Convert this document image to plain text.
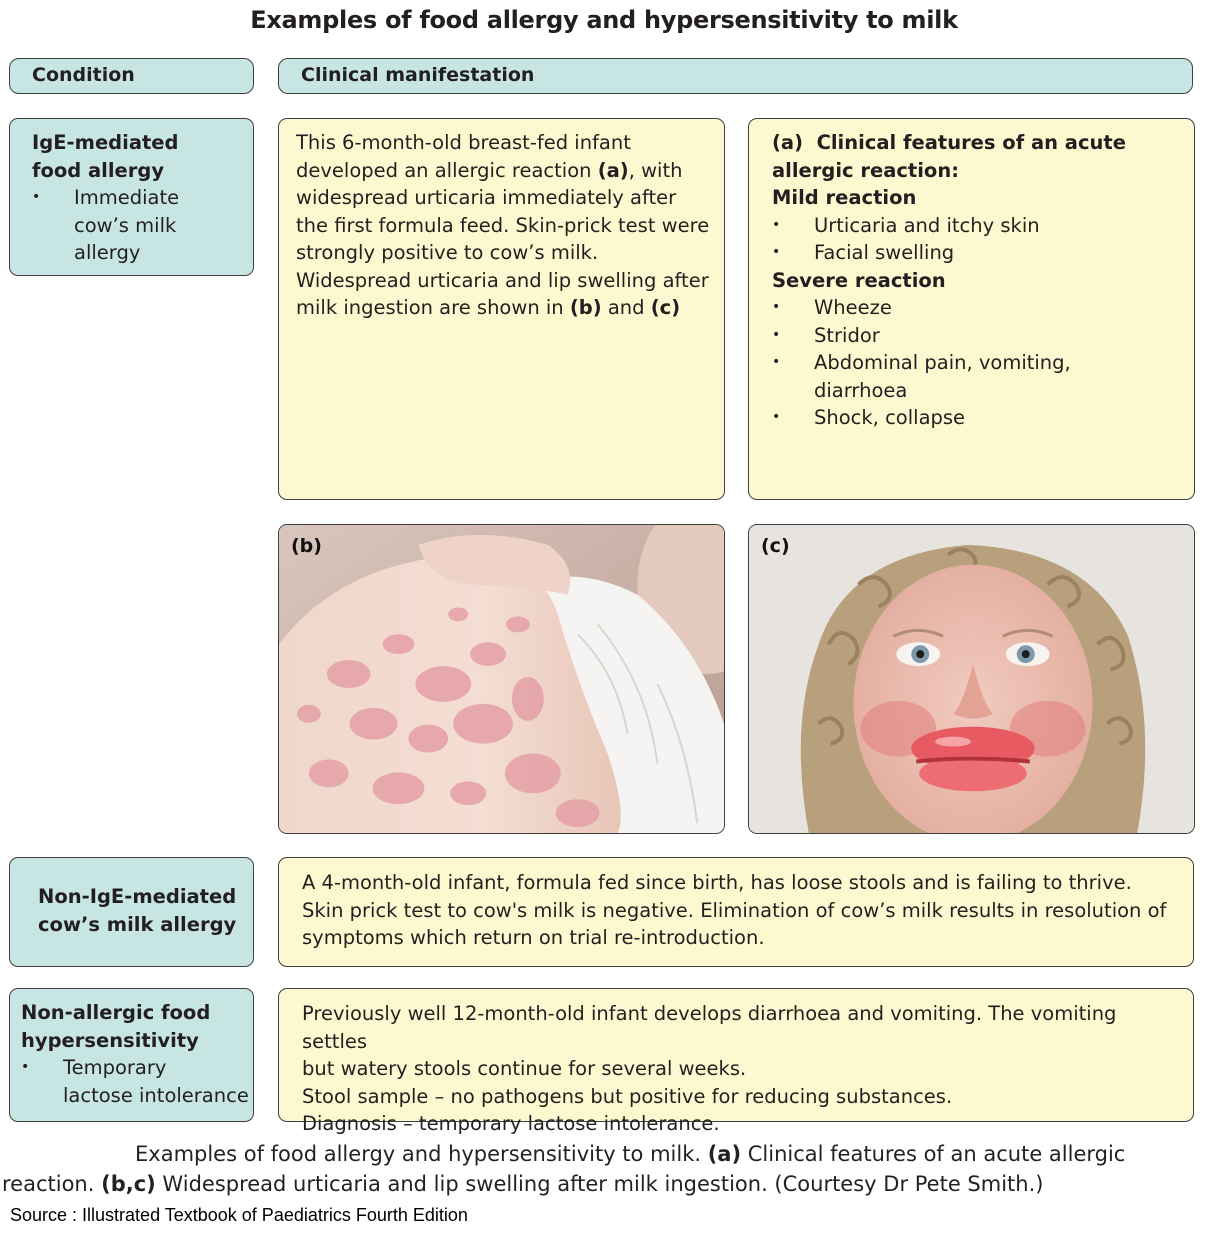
Examples of food allergy and hypersensitivity to milk
Condition	Clinical manifestation
IgE-mediated
food allergy
• Immediate
cow’s milk
allergy

This 6-month-old breast-fed infant developed an allergic reaction (a), with widespread urticaria immediately after the first formula feed. Skin-prick test were strongly positive to cow’s milk. Widespread urticaria and lip swelling after milk ingestion are shown in (b) and (c)

(a) Clinical features of an acute allergic reaction:
Mild reaction
• Urticaria and itchy skin
• Facial swelling
Severe reaction
• Wheeze
• Stridor
• Abdominal pain, vomiting, diarrhoea
• Shock, collapse
(b)	(c)
Non-IgE-mediated
cow’s milk allergy
A 4-month-old infant, formula fed since birth, has loose stools and is failing to thrive.
Skin prick test to cow's milk is negative. Elimination of cow’s milk results in resolution of
symptoms which return on trial re-introduction.
Non-allergic food
hypersensitivity
• Temporary
lactose intolerance
Previously well 12-month-old infant develops diarrhoea and vomiting. The vomiting settles
but watery stools continue for several weeks.
Stool sample – no pathogens but positive for reducing substances.
Diagnosis – temporary lactose intolerance.
Examples of food allergy and hypersensitivity to milk. (a) Clinical features of an acute allergic
reaction. (b,c) Widespread urticaria and lip swelling after milk ingestion. (Courtesy Dr Pete Smith.)
Source : Illustrated Textbook of Paediatrics Fourth Edition
